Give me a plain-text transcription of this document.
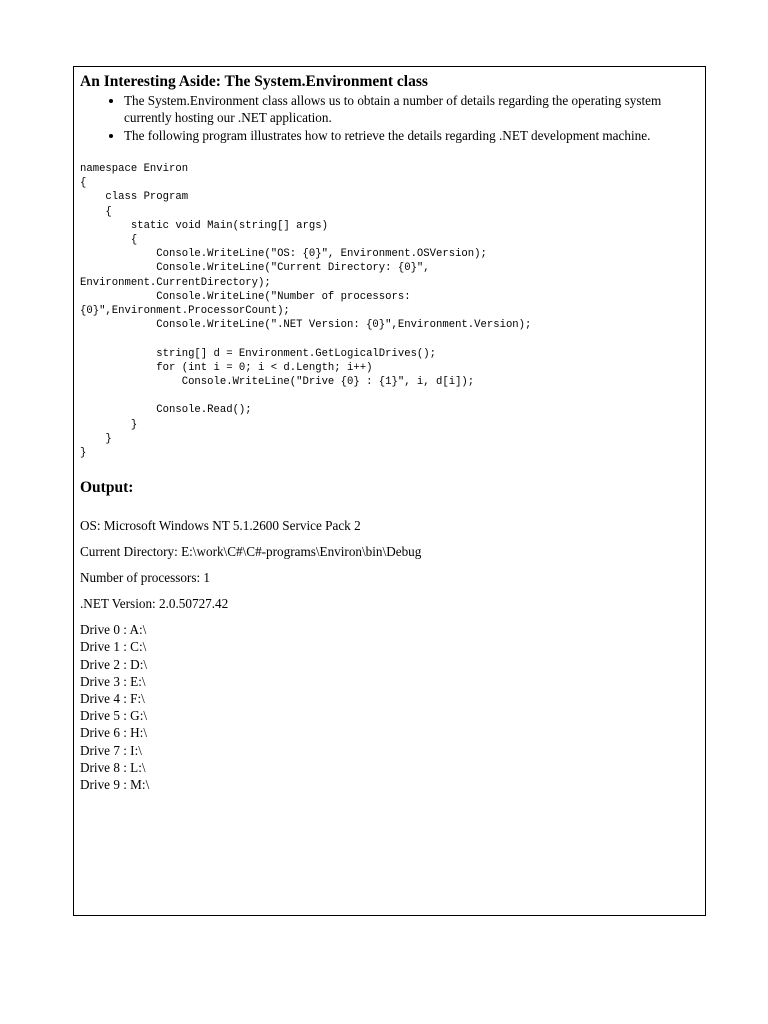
An Interesting Aside: The System.Environment class
• The System.Environment class allows us to obtain a number of details regarding the operating system currently hosting our .NET application.
• The following program illustrates how to retrieve the details regarding .NET development machine.
namespace Environ
{
class Program
{
static void Main(string[] args)
{
Console.WriteLine("OS: {0}", Environment.OSVersion);
Console.WriteLine("Current Directory: {0}",
Environment.CurrentDirectory);
Console.WriteLine("Number of processors:
{0}",Environment.ProcessorCount);
Console.WriteLine(".NET Version: {0}",Environment.Version);

string[] d = Environment.GetLogicalDrives();
for (int i = 0; i < d.Length; i++)
Console.WriteLine("Drive {0} : {1}", i, d[i]);

Console.Read();
}
}
}
Output:

OS: Microsoft Windows NT 5.1.2600 Service Pack 2

Current Directory: E:\work\C#\C#-programs\Environ\bin\Debug

Number of processors: 1

.NET Version: 2.0.50727.42

Drive 0 : A:\

Drive 1 : C:\

Drive 2 : D:\

Drive 3 : E:\

Drive 4 : F:\

Drive 5 : G:\

Drive 6 : H:\

Drive 7 : I:\

Drive 8 : L:\

Drive 9 : M:\
